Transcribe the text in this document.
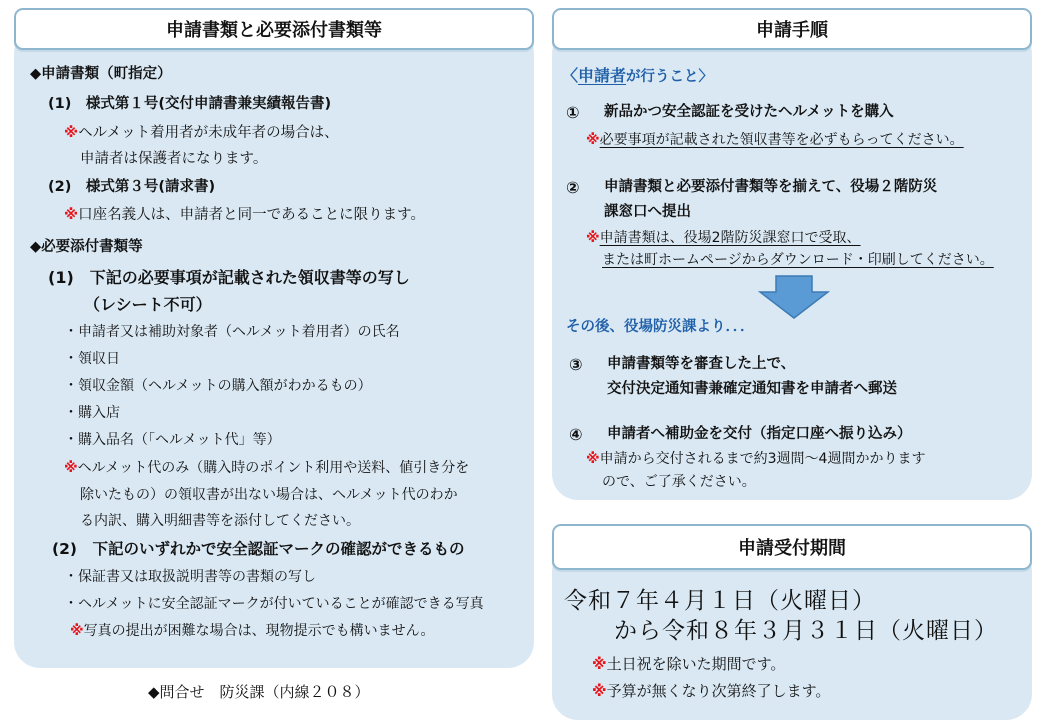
申請書類と必要添付書類等
◆申請書類（町指定）
(1)　様式第１号(交付申請書兼実績報告書)
※ヘルメット着用者が未成年者の場合は、
申請者は保護者になります。
(2)　様式第３号(請求書)
※口座名義人は、申請者と同一であることに限ります。
◆必要添付書類等
(1)　下記の必要事項が記載された領収書等の写し
（レシート不可）
・申請者又は補助対象者（ヘルメット着用者）の氏名
・領収日
・領収金額（ヘルメットの購入額がわかるもの）
・購入店
・購入品名（「ヘルメット代」等）
※ヘルメット代のみ（購入時のポイント利用や送料、値引き分を
除いたもの）の領収書が出ない場合は、ヘルメット代のわか
る内訳、購入明細書等を添付してください。
(2)　下記のいずれかで安全認証マークの確認ができるもの
・保証書又は取扱説明書等の書類の写し
・ヘルメットに安全認証マークが付いていることが確認できる写真
※写真の提出が困難な場合は、現物提示でも構いません。
◆問合せ　防災課（内線２０８）
申請手順
〈申請者が行うこと〉
① 新品かつ安全認証を受けたヘルメットを購入
※必要事項が記載された領収書等を必ずもらってください。
② 申請書類と必要添付書類等を揃えて、役場２階防災
課窓口へ提出
※申請書類は、役場2階防災課窓口で受取、
または町ホームページからダウンロード・印刷してください。
その後、役場防災課より．．．
③ 申請書類等を審査した上で、
交付決定通知書兼確定通知書を申請者へ郵送
④ 申請者へ補助金を交付（指定口座へ振り込み）
※申請から交付されるまで約3週間～4週間かかります
ので、ご了承ください。
申請受付期間
令和７年４月１日（火曜日）
から令和８年３月３１日（火曜日）
※土日祝を除いた期間です。
※予算が無くなり次第終了します。
